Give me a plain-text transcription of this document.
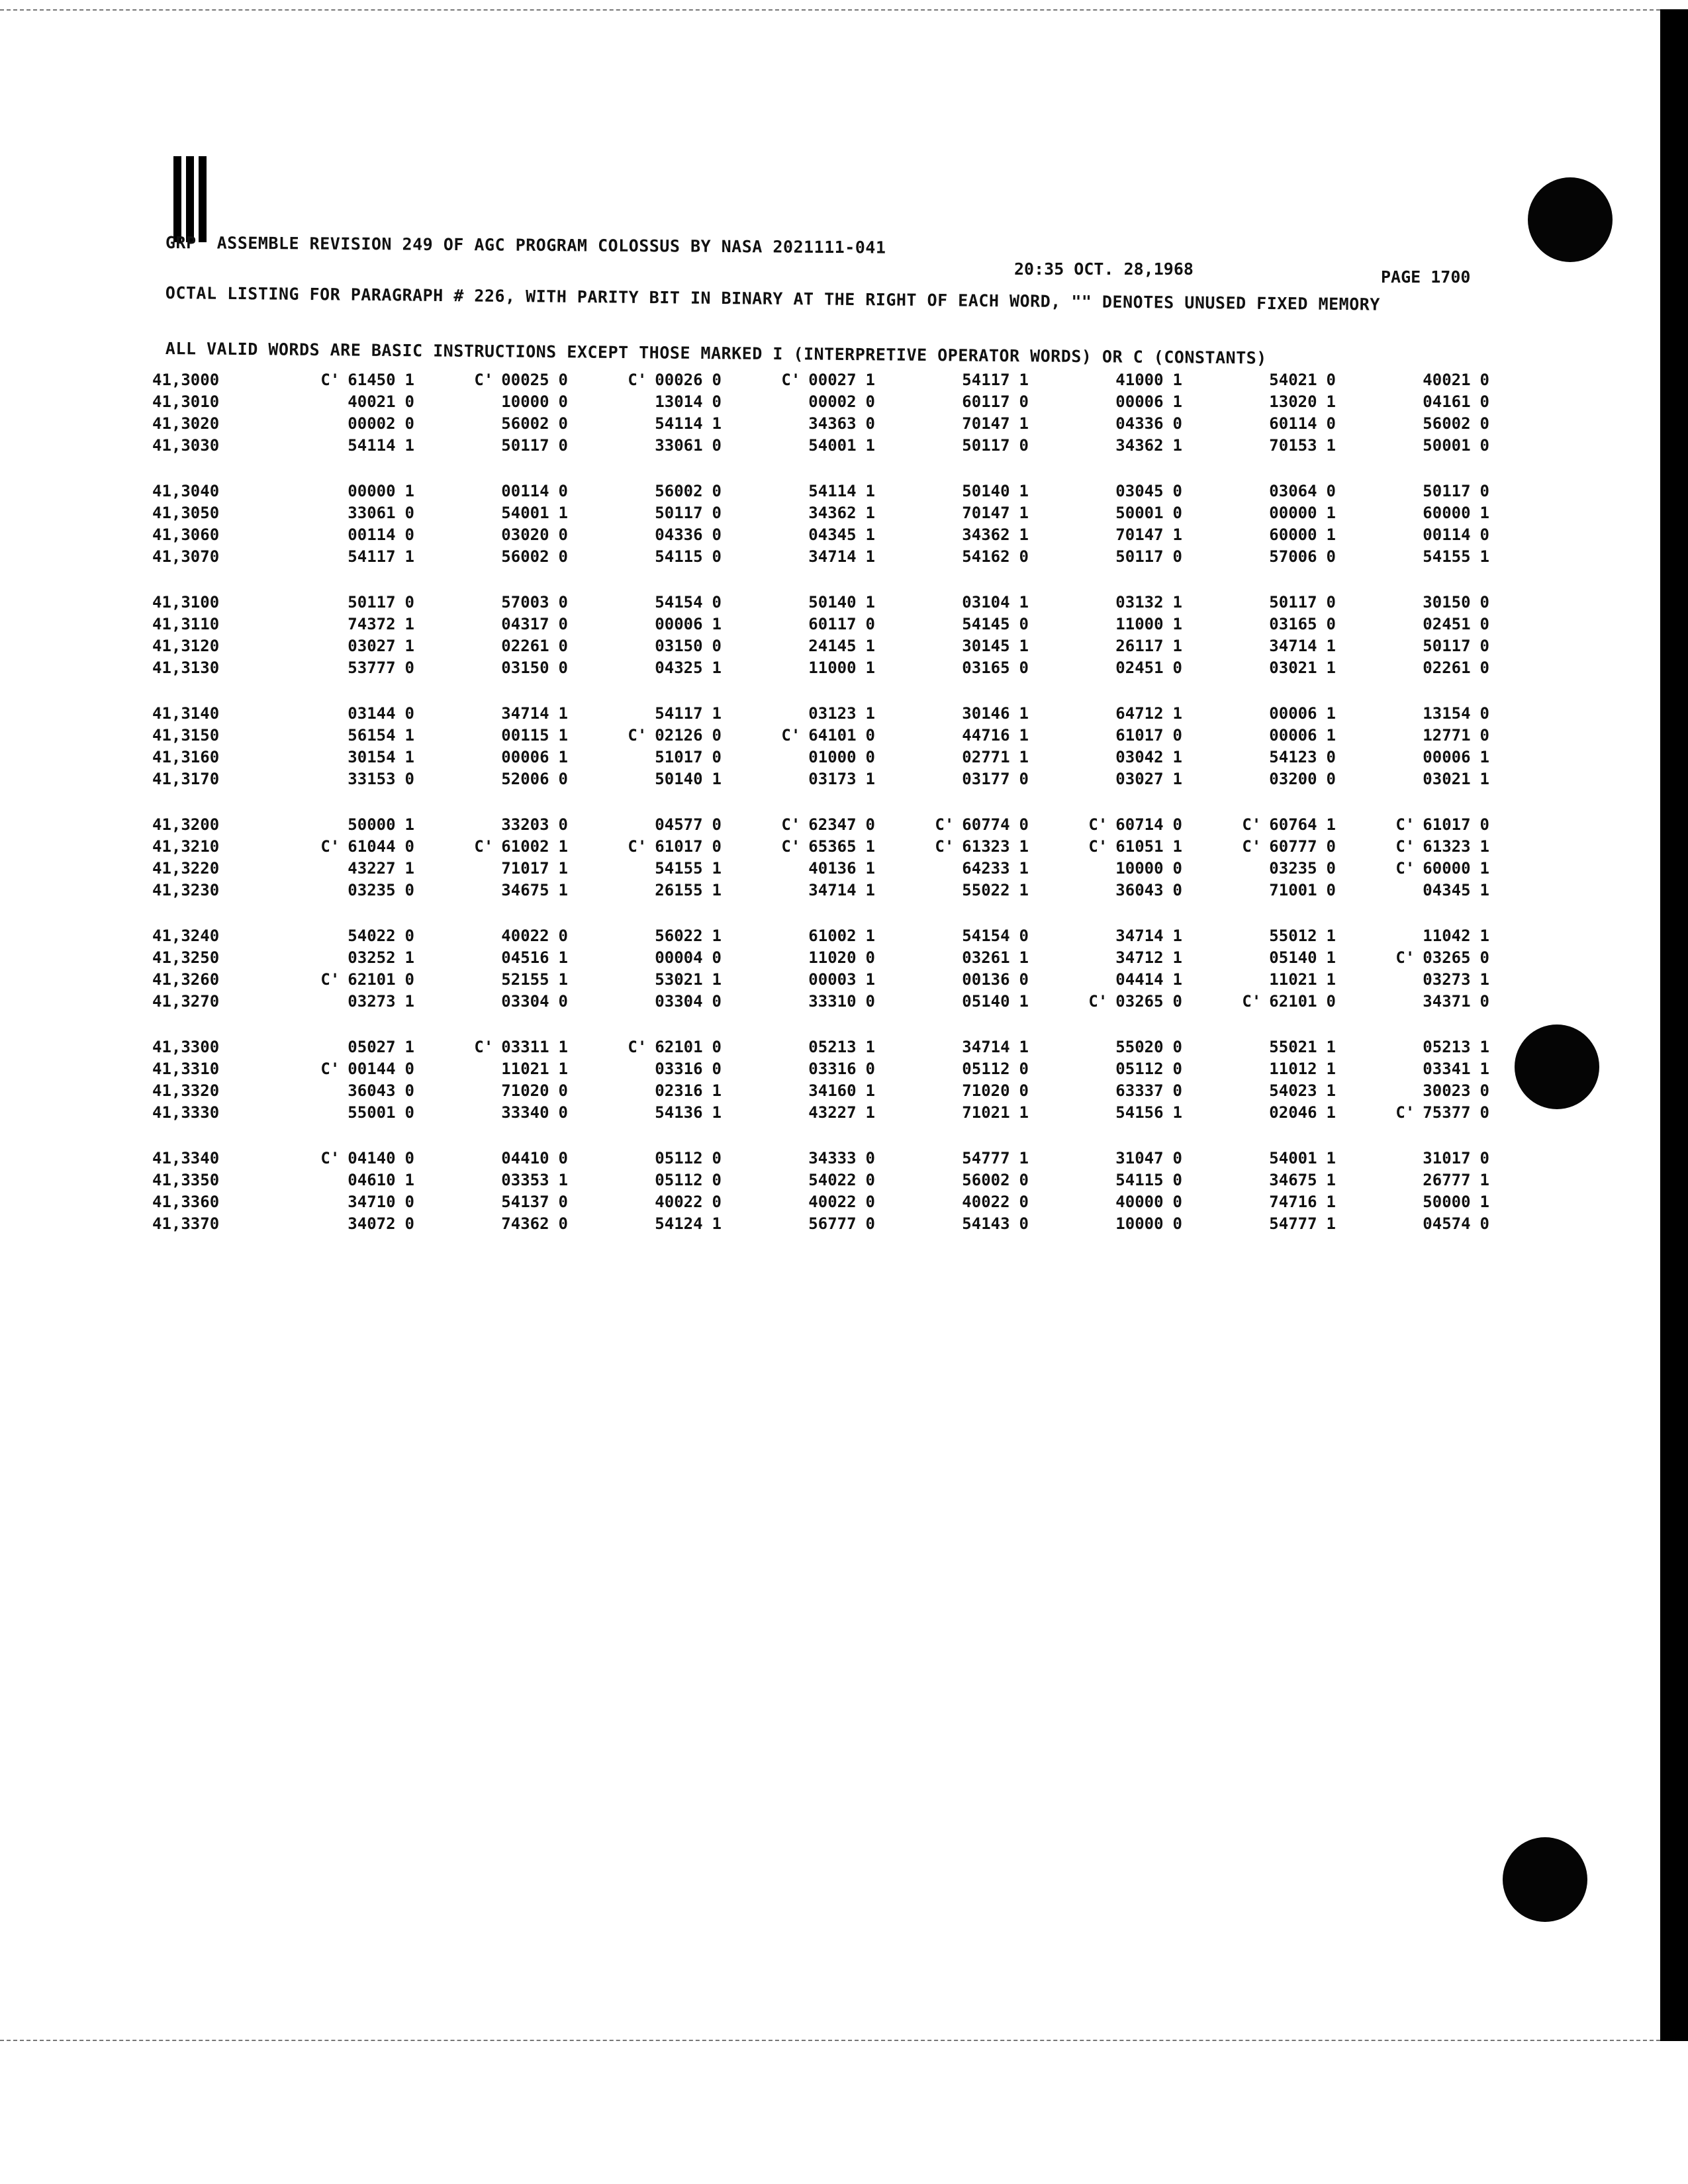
GRP ASSEMBLE REVISION 249 OF AGC PROGRAM COLOSSUS BY NASA 2021111-041
20:35 OCT. 28,1968	PAGE 1700
OCTAL LISTING FOR PARAGRAPH # 226, WITH PARITY BIT IN BINARY AT THE RIGHT OF EACH WORD, "" DENOTES UNUSED FIXED MEMORY
ALL VALID WORDS ARE BASIC INSTRUCTIONS EXCEPT THOSE MARKED I (INTERPRETIVE OPERATOR WORDS) OR C (CONSTANTS)
41,3000	C' 61450 1	C' 00025 0	C' 00026 0	C' 00027 1	54117 1	41000 1	54021 0	40021 0
41,3010	40021 0	10000 0	13014 0	00002 0	60117 0	00006 1	13020 1	04161 0
41,3020	00002 0	56002 0	54114 1	34363 0	70147 1	04336 0	60114 0	56002 0
41,3030	54114 1	50117 0	33061 0	54001 1	50117 0	34362 1	70153 1	50001 0
41,3040	00000 1	00114 0	56002 0	54114 1	50140 1	03045 0	03064 0	50117 0
41,3050	33061 0	54001 1	50117 0	34362 1	70147 1	50001 0	00000 1	60000 1
41,3060	00114 0	03020 0	04336 0	04345 1	34362 1	70147 1	60000 1	00114 0
41,3070	54117 1	56002 0	54115 0	34714 1	54162 0	50117 0	57006 0	54155 1
41,3100	50117 0	57003 0	54154 0	50140 1	03104 1	03132 1	50117 0	30150 0
41,3110	74372 1	04317 0	00006 1	60117 0	54145 0	11000 1	03165 0	02451 0
41,3120	03027 1	02261 0	03150 0	24145 1	30145 1	26117 1	34714 1	50117 0
41,3130	53777 0	03150 0	04325 1	11000 1	03165 0	02451 0	03021 1	02261 0
41,3140	03144 0	34714 1	54117 1	03123 1	30146 1	64712 1	00006 1	13154 0
41,3150	56154 1	00115 1	C' 02126 0	C' 64101 0	44716 1	61017 0	00006 1	12771 0
41,3160	30154 1	00006 1	51017 0	01000 0	02771 1	03042 1	54123 0	00006 1
41,3170	33153 0	52006 0	50140 1	03173 1	03177 0	03027 1	03200 0	03021 1
41,3200	50000 1	33203 0	04577 0	C' 62347 0	C' 60774 0	C' 60714 0	C' 60764 1	C' 61017 0
41,3210	C' 61044 0	C' 61002 1	C' 61017 0	C' 65365 1	C' 61323 1	C' 61051 1	C' 60777 0	C' 61323 1
41,3220	43227 1	71017 1	54155 1	40136 1	64233 1	10000 0	03235 0	C' 60000 1
41,3230	03235 0	34675 1	26155 1	34714 1	55022 1	36043 0	71001 0	04345 1
41,3240	54022 0	40022 0	56022 1	61002 1	54154 0	34714 1	55012 1	11042 1
41,3250	03252 1	04516 1	00004 0	11020 0	03261 1	34712 1	05140 1	C' 03265 0
41,3260	C' 62101 0	52155 1	53021 1	00003 1	00136 0	04414 1	11021 1	03273 1
41,3270	03273 1	03304 0	03304 0	33310 0	05140 1	C' 03265 0	C' 62101 0	34371 0
41,3300	05027 1	C' 03311 1	C' 62101 0	05213 1	34714 1	55020 0	55021 1	05213 1
41,3310	C' 00144 0	11021 1	03316 0	03316 0	05112 0	05112 0	11012 1	03341 1
41,3320	36043 0	71020 0	02316 1	34160 1	71020 0	63337 0	54023 1	30023 0
41,3330	55001 0	33340 0	54136 1	43227 1	71021 1	54156 1	02046 1	C' 75377 0
41,3340	C' 04140 0	04410 0	05112 0	34333 0	54777 1	31047 0	54001 1	31017 0
41,3350	04610 1	03353 1	05112 0	54022 0	56002 0	54115 0	34675 1	26777 1
41,3360	34710 0	54137 0	40022 0	40022 0	40022 0	40000 0	74716 1	50000 1
41,3370	34072 0	74362 0	54124 1	56777 0	54143 0	10000 0	54777 1	04574 0
